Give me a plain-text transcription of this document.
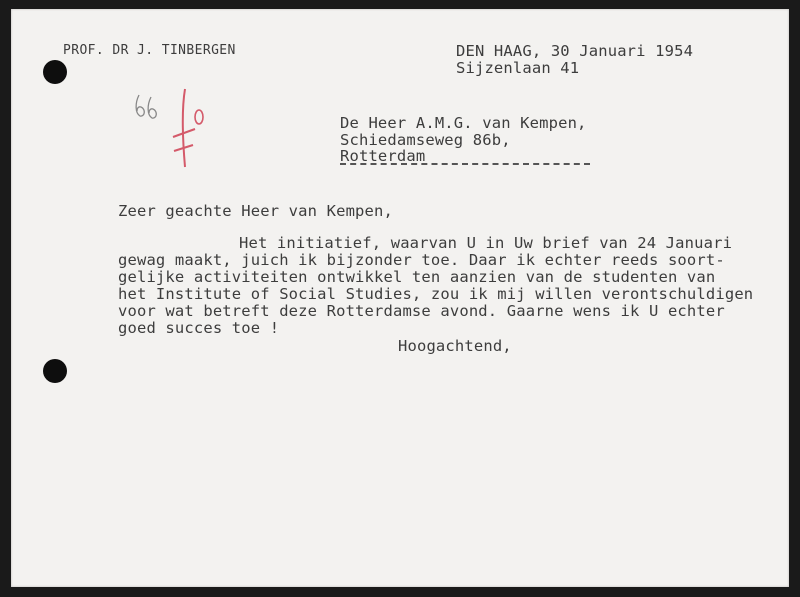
PROF. DR J. TINBERGEN	DEN HAAG, 30 Januari 1954
Sijzenlaan 41
De Heer A.M.G. van Kempen,
Schiedamseweg 86b,
Rotterdam
Zeer geachte Heer van Kempen,
Het initiatief, waarvan U in Uw brief van 24 Januari
gewag maakt, juich ik bijzonder toe. Daar ik echter reeds soort-
gelijke activiteiten ontwikkel ten aanzien van de studenten van
het Institute of Social Studies, zou ik mij willen verontschuldigen
voor wat betreft deze Rotterdamse avond. Gaarne wens ik U echter
goed succes toe !
Hoogachtend,
